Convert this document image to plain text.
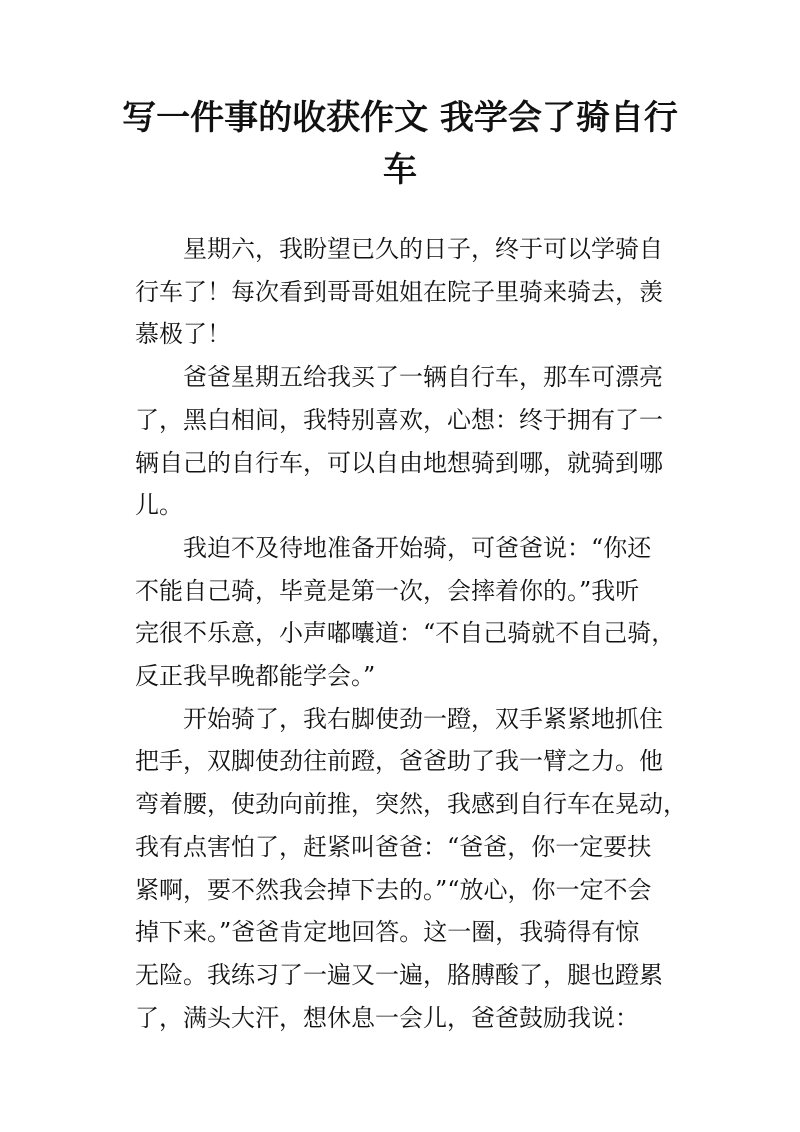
写一件事的收获作文 我学会了骑自行
车

星期六，我盼望已久的日子，终于可以学骑自
行车了！每次看到哥哥姐姐在院子里骑来骑去，羡
慕极了！

爸爸星期五给我买了一辆自行车，那车可漂亮
了，黑白相间，我特别喜欢，心想：终于拥有了一
辆自己的自行车，可以自由地想骑到哪，就骑到哪
儿。

我迫不及待地准备开始骑，可爸爸说：“你还
不能自己骑，毕竟是第一次，会摔着你的。”我听
完很不乐意，小声嘟囔道：“不自己骑就不自己骑，
反正我早晚都能学会。”

开始骑了，我右脚使劲一蹬，双手紧紧地抓住
把手，双脚使劲往前蹬，爸爸助了我一臂之力。他
弯着腰，使劲向前推，突然，我感到自行车在晃动，
我有点害怕了，赶紧叫爸爸：“爸爸，你一定要扶
紧啊，要不然我会掉下去的。”“放心，你一定不会
掉下来。”爸爸肯定地回答。这一圈，我骑得有惊
无险。我练习了一遍又一遍，胳膊酸了，腿也蹬累
了，满头大汗，想休息一会儿，爸爸鼓励我说：
